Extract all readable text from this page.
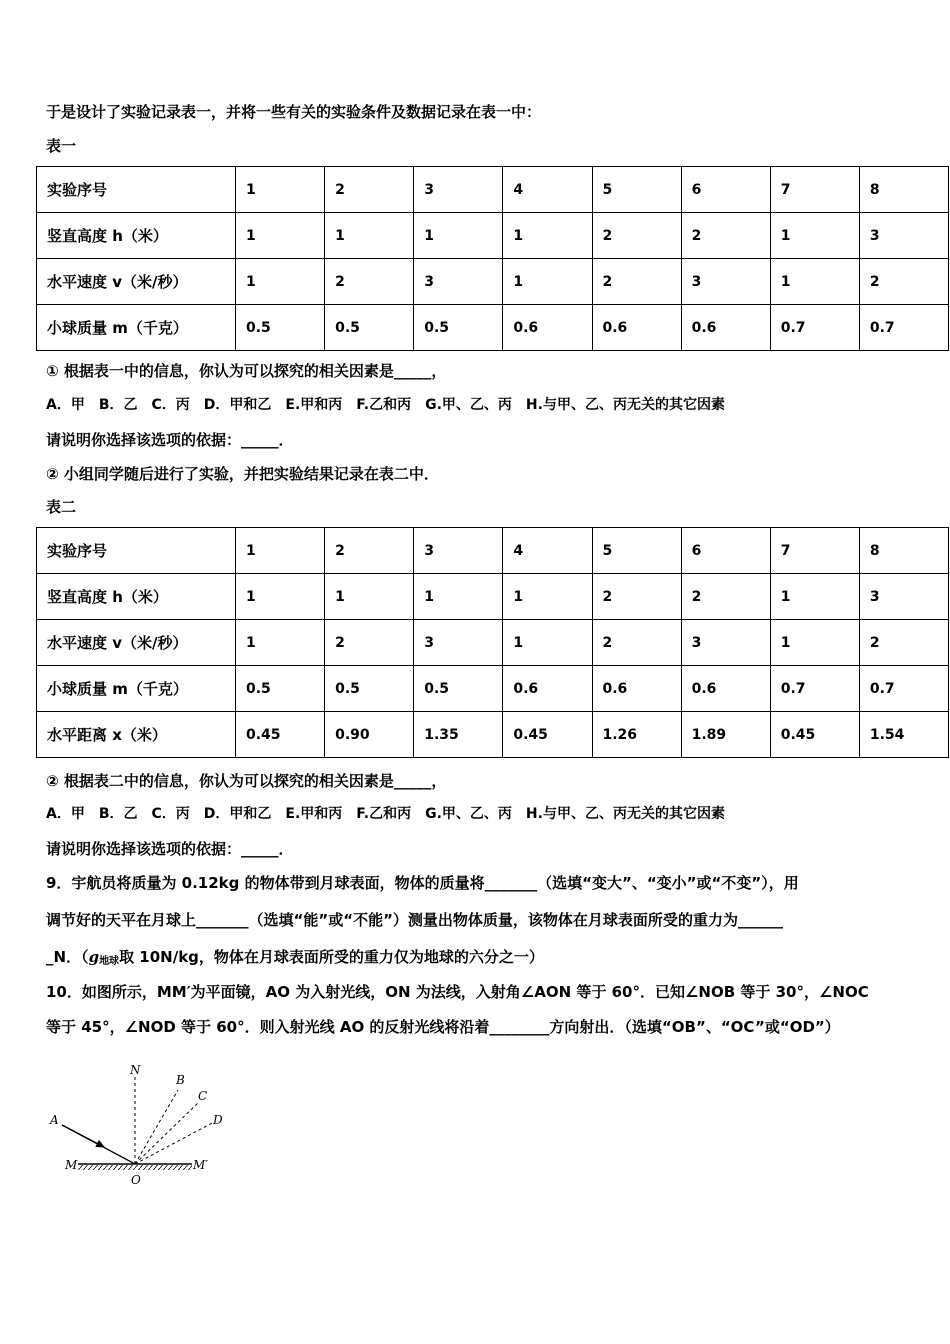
于是设计了实验记录表一，并将一些有关的实验条件及数据记录在表一中：
表一
实验序号	1	2	3	4	5	6	7	8
竖直高度 h（米）	1	1	1	1	2	2	1	3
水平速度 v（米/秒）	1	2	3	1	2	3	1	2
小球质量 m（千克）	0.5	0.5	0.5	0.6	0.6	0.6	0.7	0.7
① 根据表一中的信息，你认为可以探究的相关因素是_____，
A．甲　B．乙　C．丙　D．甲和乙　E.甲和丙　F.乙和丙　G.甲、乙、丙　H.与甲、乙、丙无关的其它因素
请说明你选择该选项的依据：_____．
② 小组同学随后进行了实验，并把实验结果记录在表二中．
表二
实验序号	1	2	3	4	5	6	7	8
竖直高度 h（米）	1	1	1	1	2	2	1	3
水平速度 v（米/秒）	1	2	3	1	2	3	1	2
小球质量 m（千克）	0.5	0.5	0.5	0.6	0.6	0.6	0.7	0.7
水平距离 x（米）	0.45	0.90	1.35	0.45	1.26	1.89	0.45	1.54
② 根据表二中的信息，你认为可以探究的相关因素是_____，
A．甲　B．乙　C．丙　D．甲和乙　E.甲和丙　F.乙和丙　G.甲、乙、丙　H.与甲、乙、丙无关的其它因素
请说明你选择该选项的依据：_____．
9．宇航员将质量为 0.12kg 的物体带到月球表面，物体的质量将_______（选填“变大”、“变小”或“不变”），用
调节好的天平在月球上_______（选填“能”或“不能”）测量出物体质量，该物体在月球表面所受的重力为______
_N．（$g_{地球}$取 10N/kg，物体在月球表面所受的重力仅为地球的六分之一）
10．如图所示，MM′为平面镜，AO 为入射光线，ON 为法线，入射角∠AON 等于 60°．已知∠NOB 等于 30°，∠NOC
等于 45°，∠NOD 等于 60°．则入射光线 AO 的反射光线将沿着________方向射出．（选填“OB”、“OC”或“OD”）
N
B
C
D
A
M	M′
O
